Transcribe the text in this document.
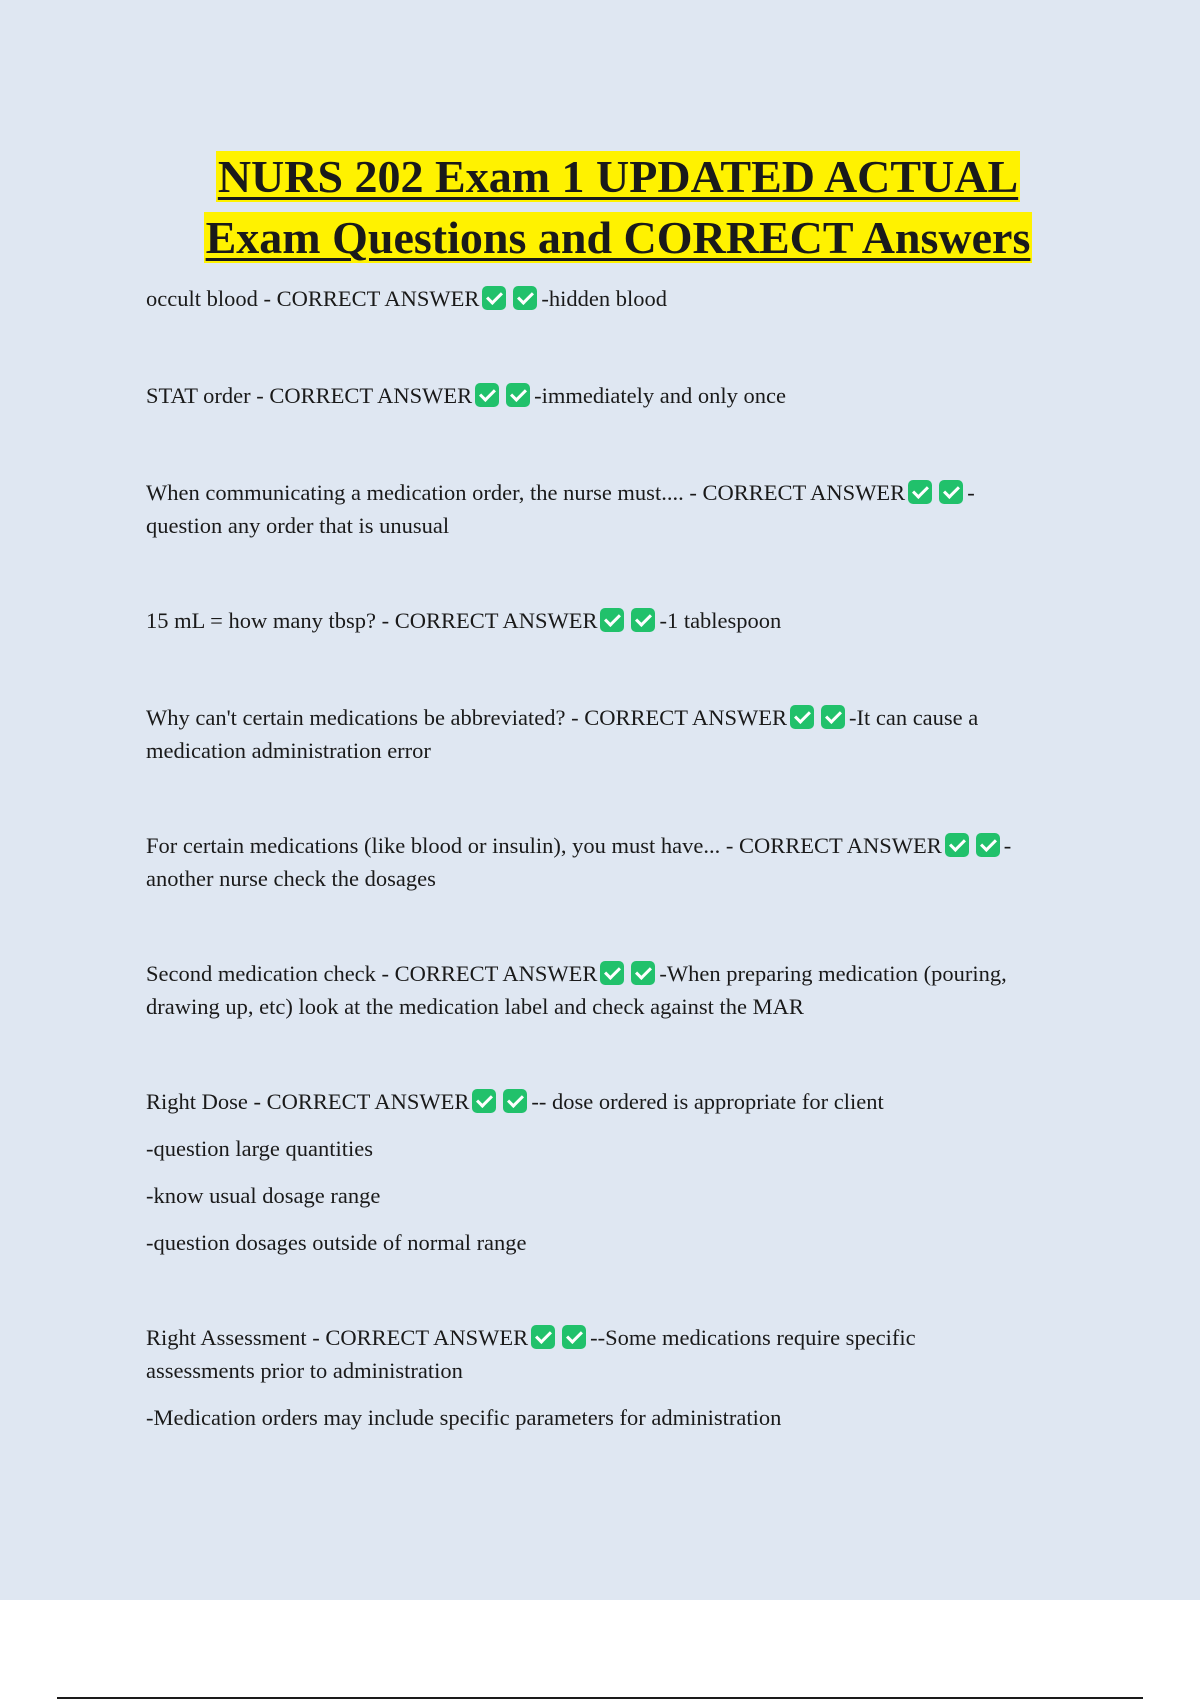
NURS 202 Exam 1 UPDATED ACTUAL
Exam Questions and CORRECT Answers

occult blood - CORRECT ANSWER	-hidden blood

STAT order - CORRECT ANSWER	-immediately and only once

When communicating a medication order, the nurse must.... - CORRECT ANSWER	-

question any order that is unusual

15 mL = how many tbsp? - CORRECT ANSWER	-1 tablespoon

Why can't certain medications be abbreviated? - CORRECT ANSWER	-It can cause a

medication administration error

For certain medications (like blood or insulin), you must have... - CORRECT ANSWER	-

another nurse check the dosages

Second medication check - CORRECT ANSWER	-When preparing medication (pouring,

drawing up, etc) look at the medication label and check against the MAR

Right Dose - CORRECT ANSWER	-- dose ordered is appropriate for client

-question large quantities

-know usual dosage range

-question dosages outside of normal range

Right Assessment - CORRECT ANSWER	--Some medications require specific

assessments prior to administration

-Medication orders may include specific parameters for administration
